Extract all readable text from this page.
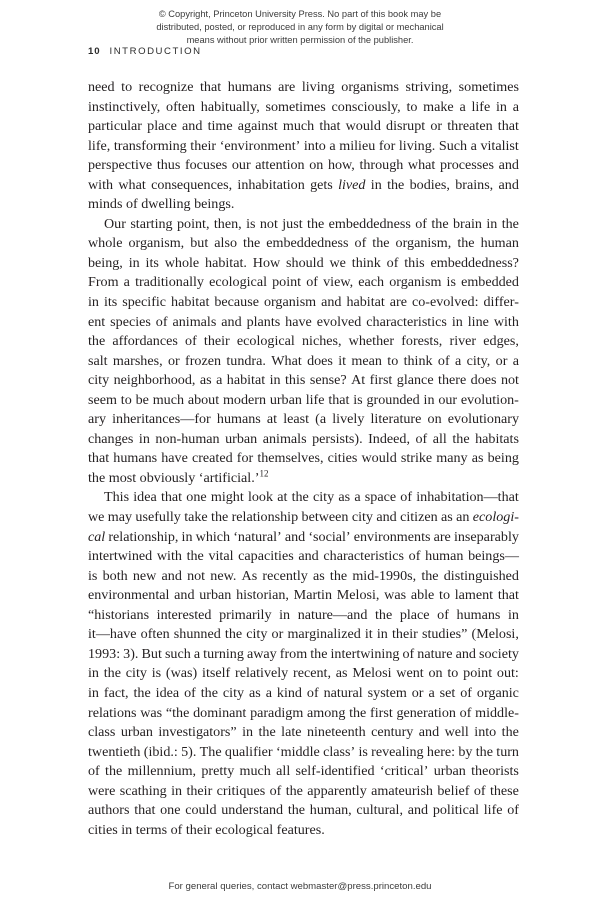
© Copyright, Princeton University Press. No part of this book may be
distributed, posted, or reproduced in any form by digital or mechanical
means without prior written permission of the publisher.
10 INTRODUCTION

need to recognize that humans are living organisms striving, sometimes
instinctively, often habitually, sometimes consciously, to make a life in a
particular place and time against much that would disrupt or threaten that
life, transforming their ‘environment’ into a milieu for living. Such a vitalist
perspective thus focuses our attention on how, through what processes and
with what consequences, inhabitation gets lived in the bodies, brains, and
minds of dwelling beings.

Our starting point, then, is not just the embeddedness of the brain in the
whole organism, but also the embeddedness of the organism, the human
being, in its whole habitat. How should we think of this embeddedness?
From a traditionally ecological point of view, each organism is embedded
in its specific habitat because organism and habitat are co-evolved: differ-
ent species of animals and plants have evolved characteristics in line with
the affordances of their ecological niches, whether forests, river edges,
salt marshes, or frozen tundra. What does it mean to think of a city, or a
city neighborhood, as a habitat in this sense? At first glance there does not
seem to be much about modern urban life that is grounded in our evolution-
ary inheritances—for humans at least (a lively literature on evolutionary
changes in non-human urban animals persists). Indeed, of all the habitats
that humans have created for themselves, cities would strike many as being
the most obviously ‘artificial.’$^{12}$

This idea that one might look at the city as a space of inhabitation—that
we may usefully take the relationship between city and citizen as an ecologi-
cal relationship, in which ‘natural’ and ‘social’ environments are inseparably
intertwined with the vital capacities and characteristics of human beings—
is both new and not new. As recently as the mid-1990s, the distinguished
environmental and urban historian, Martin Melosi, was able to lament that
“historians interested primarily in nature—and the place of humans in
it—have often shunned the city or marginalized it in their studies” (Melosi,
1993: 3). But such a turning away from the intertwining of nature and society
in the city is (was) itself relatively recent, as Melosi went on to point out:
in fact, the idea of the city as a kind of natural system or a set of organic
relations was “the dominant paradigm among the first generation of middle-
class urban investigators” in the late nineteenth century and well into the
twentieth (ibid.: 5). The qualifier ‘middle class’ is revealing here: by the turn
of the millennium, pretty much all self-identified ‘critical’ urban theorists
were scathing in their critiques of the apparently amateurish belief of these
authors that one could understand the human, cultural, and political life of
cities in terms of their ecological features.

For general queries, contact webmaster@press.princeton.edu
